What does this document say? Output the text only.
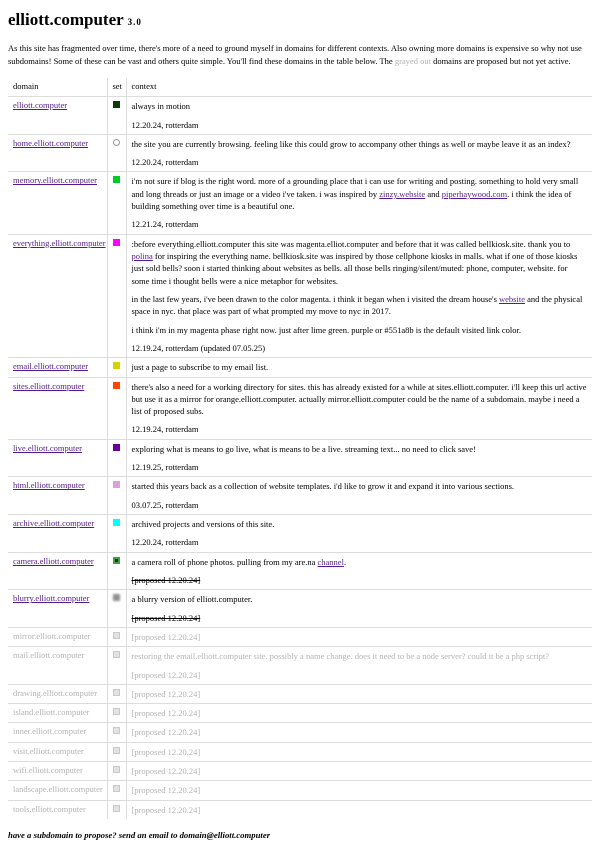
elliott.computer 3.0

As this site has fragmented over time, there's more of a need to ground myself in domains for different contexts. Also owning more domains is expensive so why not use subdomains! Some of these can be vast and others quite simple. You'll find these domains in the table below. The grayed out domains are proposed but not yet active.

domain	set	context
elliott.computer		always in motion

12.20.24, rotterdam

home.elliott.computer		the site you are currently browsing. feeling like this could grow to accompany other things as well or maybe leave it as an index?

12.20.24, rotterdam

memory.elliott.computer		i'm not sure if blog is the right word. more of a grounding place that i can use for writing and posting. something to hold very small and long threads or just an image or a video i've taken. i was inspired by zinzy.website and piperhaywood.com. i think the idea of building something over time is a beautiful one.

12.21.24, rotterdam

everything.elliott.computer		:before everything.elliott.computer this site was magenta.elliot.computer and before that it was called bellkiosk.site. thank you to polina for inspiring the everything name. bellkiosk.site was inspired by those cellphone kiosks in malls. what if one of those kiosks just sold bells? soon i started thinking about websites as bells. all those bells ringing/silent/muted: phone, computer, website. for some time i thought bells were a nice metaphor for websites.

in the last few years, i've been drawn to the color magenta. i think it began when i visited the dream house's website and the physical space in nyc. that place was part of what prompted my move to nyc in 2017.

i think i'm in my magenta phase right now. just after lime green. purple or #551a8b is the default visited link color.

12.19.24, rotterdam (updated 07.05.25)

email.elliott.computer		just a page to subscribe to my email list.

sites.elliott.computer		there's also a need for a working directory for sites. this has already existed for a while at sites.elliott.computer. i'll keep this url active but use it as a mirror for orange.elliott.computer. actually mirror.elliott.computer could be the name of a subdomain. maybe i need a list of proposed subs.

12.19.24, rotterdam

live.elliott.computer		exploring what is means to go live, what is means to be a live. streaming text... no need to click save!

12.19.25, rotterdam

html.elliott.computer		started this years back as a collection of website templates. i'd like to grow it and expand it into various sections.

03.07.25, rotterdam

archive.elliott.computer		archived projects and versions of this site.

12.20.24, rotterdam

camera.elliott.computer		a camera roll of phone photos. pulling from my are.na channel.

[proposed 12.20.24]

blurry.elliott.computer		a blurry version of elliott.computer.

[proposed 12.20.24]

mirror.elliott.computer		[proposed 12.20.24]

mail.elliott.computer		restoring the email.elliott.computer site. possibly a name change. does it need to be a node server? could it be a php script?

[proposed 12.20.24]

drawing.elliott.computer		[proposed 12.20.24]

island.elliott.computer		[proposed 12.20.24]

inner.elliott.computer		[proposed 12.20.24]

visit.elliott.computer		[proposed 12.20.24]

wifi.elliott.computer		[proposed 12.20.24]

landscape.elliott.computer		[proposed 12.20.24]

tools.elliott.computer		[proposed 12.20.24]

have a subdomain to propose? send an email to domain@elliott.computer
